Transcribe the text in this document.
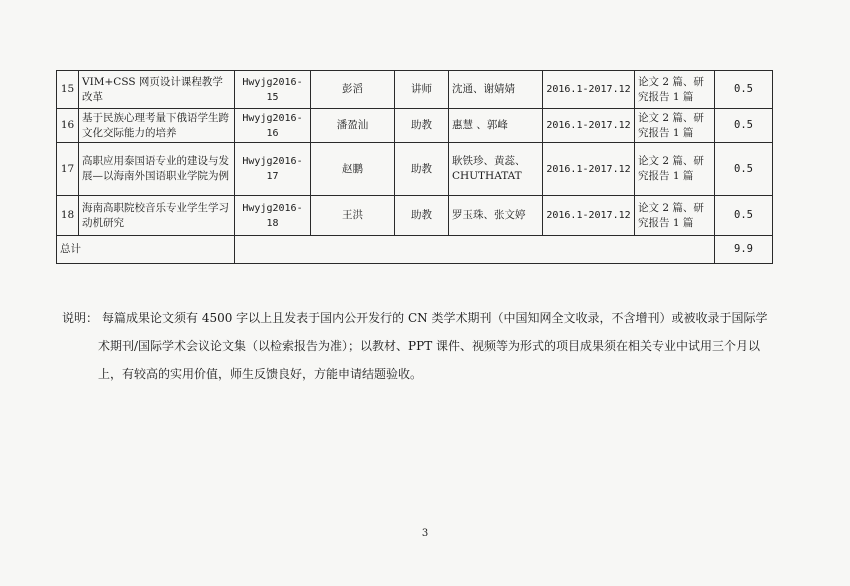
15	VIM+CSS 网页设计课程教学改革	Hwyjg2016-15	彭滔	讲师	沈通、谢婧婧	2016.1-2017.12	论文 2 篇、研究报告 1 篇	0.5
16	基于民族心理考量下俄语学生跨文化交际能力的培养	Hwyjg2016-16	潘盈汕	助教	惠慧 、郭峰	2016.1-2017.12	论文 2 篇、研究报告 1 篇	0.5
17	高职应用泰国语专业的建设与发展—以海南外国语职业学院为例	Hwyjg2016-17	赵鹏	助教	耿铁珍、黄蕊、CHUTHATAT	2016.1-2017.12	论文 2 篇、研究报告 1 篇	0.5
18	海南高职院校音乐专业学生学习动机研究	Hwyjg2016-18	王洪	助教	罗玉珠、张文婷	2016.1-2017.12	论文 2 篇、研究报告 1 篇	0.5
总计								9.9
说明： 每篇成果论文须有 4500 字以上且发表于国内公开发行的 CN 类学术期刊（中国知网全文收录，不含增刊）或被收录于国际学
术期刊/国际学术会议论文集（以检索报告为准）；以教材、PPT 课件、视频等为形式的项目成果须在相关专业中试用三个月以
上，有较高的实用价值，师生反馈良好，方能申请结题验收。
3
